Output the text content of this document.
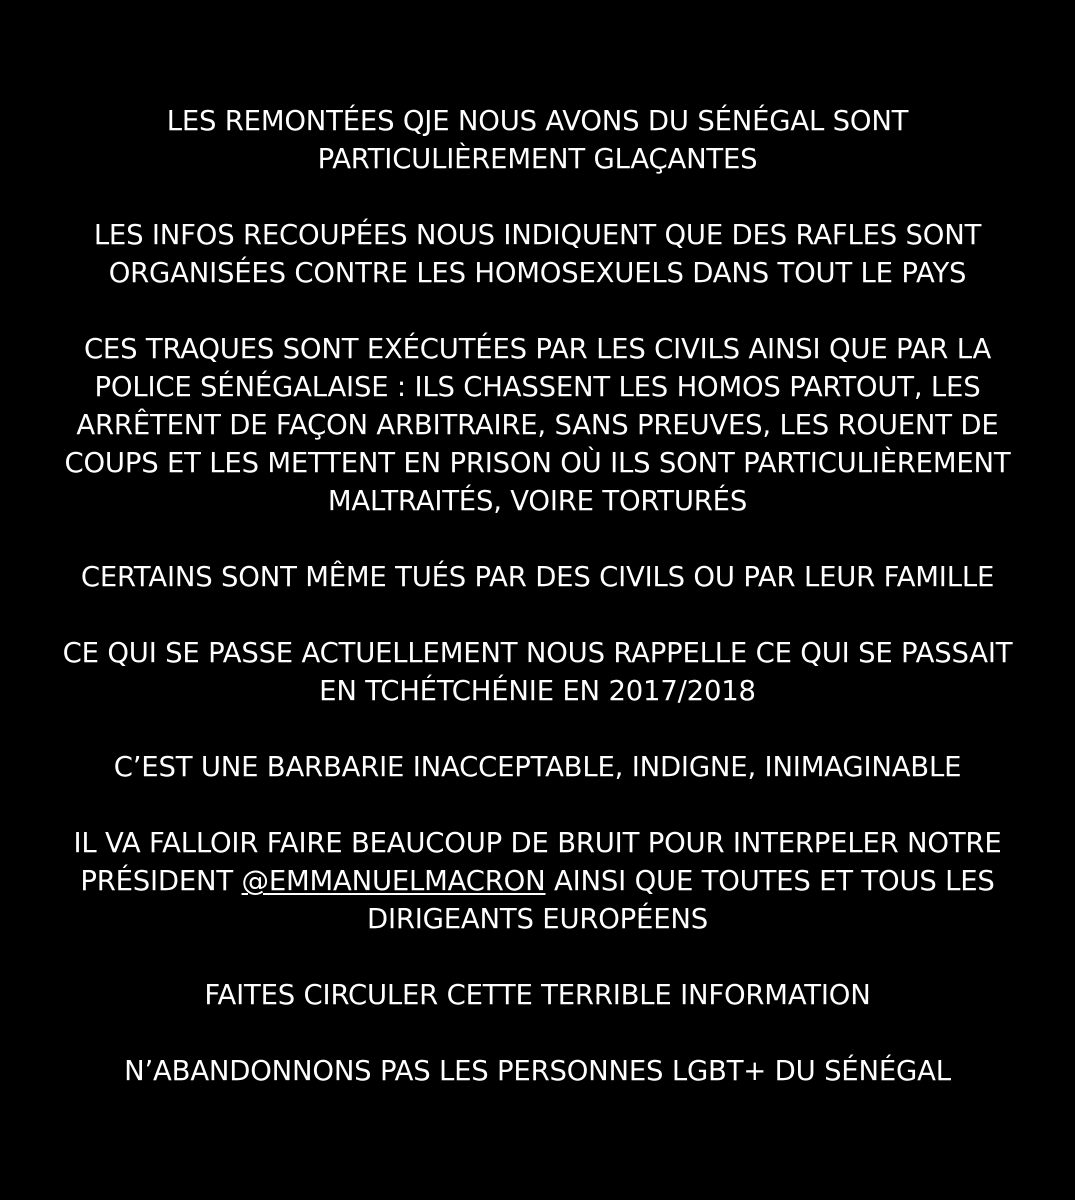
LES REMONTÉES QJE NOUS AVONS DU SÉNÉGAL SONT
PARTICULIÈREMENT GLAÇANTES

LES INFOS RECOUPÉES NOUS INDIQUENT QUE DES RAFLES SONT
ORGANISÉES CONTRE LES HOMOSEXUELS DANS TOUT LE PAYS

CES TRAQUES SONT EXÉCUTÉES PAR LES CIVILS AINSI QUE PAR LA
POLICE SÉNÉGALAISE : ILS CHASSENT LES HOMOS PARTOUT, LES
ARRÊTENT DE FAÇON ARBITRAIRE, SANS PREUVES, LES ROUENT DE
COUPS ET LES METTENT EN PRISON OÙ ILS SONT PARTICULIÈREMENT
MALTRAITÉS, VOIRE TORTURÉS

CERTAINS SONT MÊME TUÉS PAR DES CIVILS OU PAR LEUR FAMILLE

CE QUI SE PASSE ACTUELLEMENT NOUS RAPPELLE CE QUI SE PASSAIT
EN TCHÉTCHÉNIE EN 2017/2018

C’EST UNE BARBARIE INACCEPTABLE, INDIGNE, INIMAGINABLE

IL VA FALLOIR FAIRE BEAUCOUP DE BRUIT POUR INTERPELER NOTRE
PRÉSIDENT @EMMANUELMACRON AINSI QUE TOUTES ET TOUS LES
DIRIGEANTS EUROPÉENS

FAITES CIRCULER CETTE TERRIBLE INFORMATION

N’ABANDONNONS PAS LES PERSONNES LGBT+ DU SÉNÉGAL
